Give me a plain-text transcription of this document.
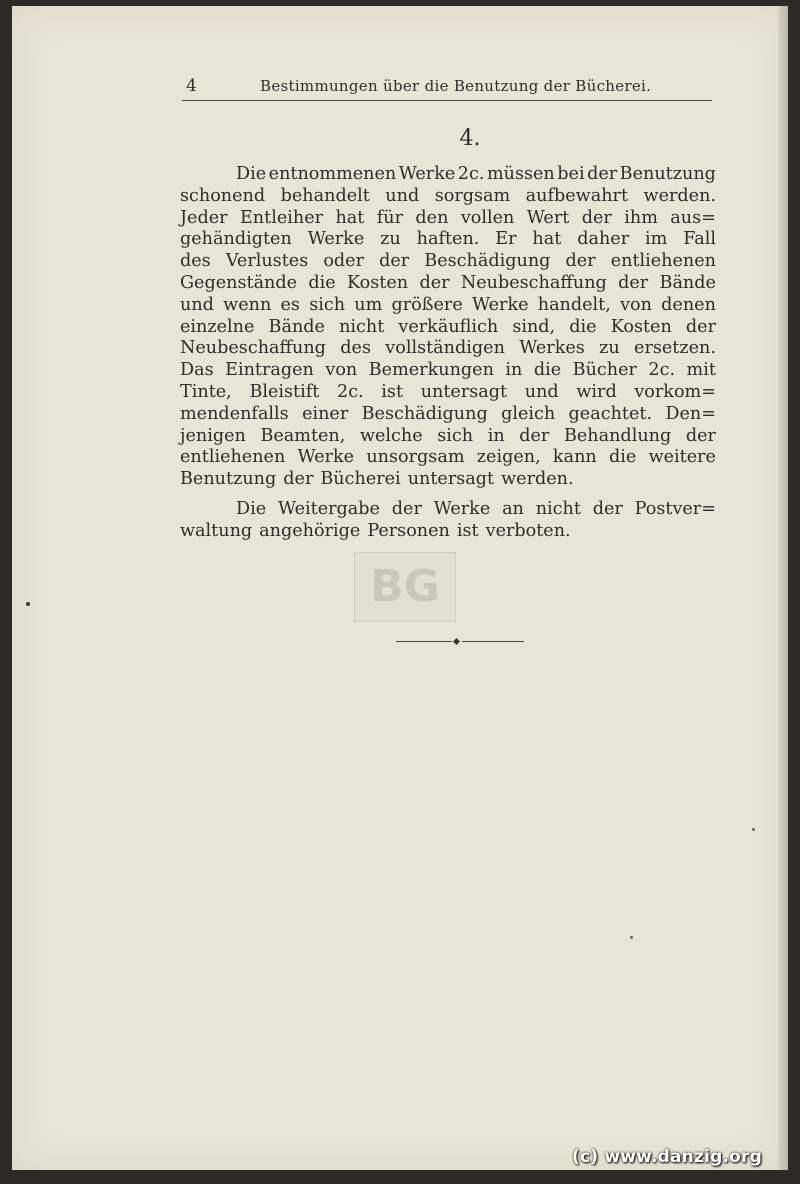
4	Bestimmungen über die Benutzung der Bücherei.
4.
Die entnommenen Werke 2c. müssen bei der Benutzung
schonend behandelt und sorgsam aufbewahrt werden.
Jeder Entleiher hat für den vollen Wert der ihm aus=
gehändigten Werke zu haften. Er hat daher im Fall
des Verlustes oder der Beschädigung der entliehenen
Gegenstände die Kosten der Neubeschaffung der Bände
und wenn es sich um größere Werke handelt, von denen
einzelne Bände nicht verkäuflich sind, die Kosten der
Neubeschaffung des vollständigen Werkes zu ersetzen.
Das Eintragen von Bemerkungen in die Bücher 2c. mit
Tinte, Bleistift 2c. ist untersagt und wird vorkom=
mendenfalls einer Beschädigung gleich geachtet. Den=
jenigen Beamten, welche sich in der Behandlung der
entliehenen Werke unsorgsam zeigen, kann die weitere
Benutzung der Bücherei untersagt werden.
Die Weitergabe der Werke an nicht der Postver=
waltung angehörige Personen ist verboten.
BG
(c) www.danzig.org
